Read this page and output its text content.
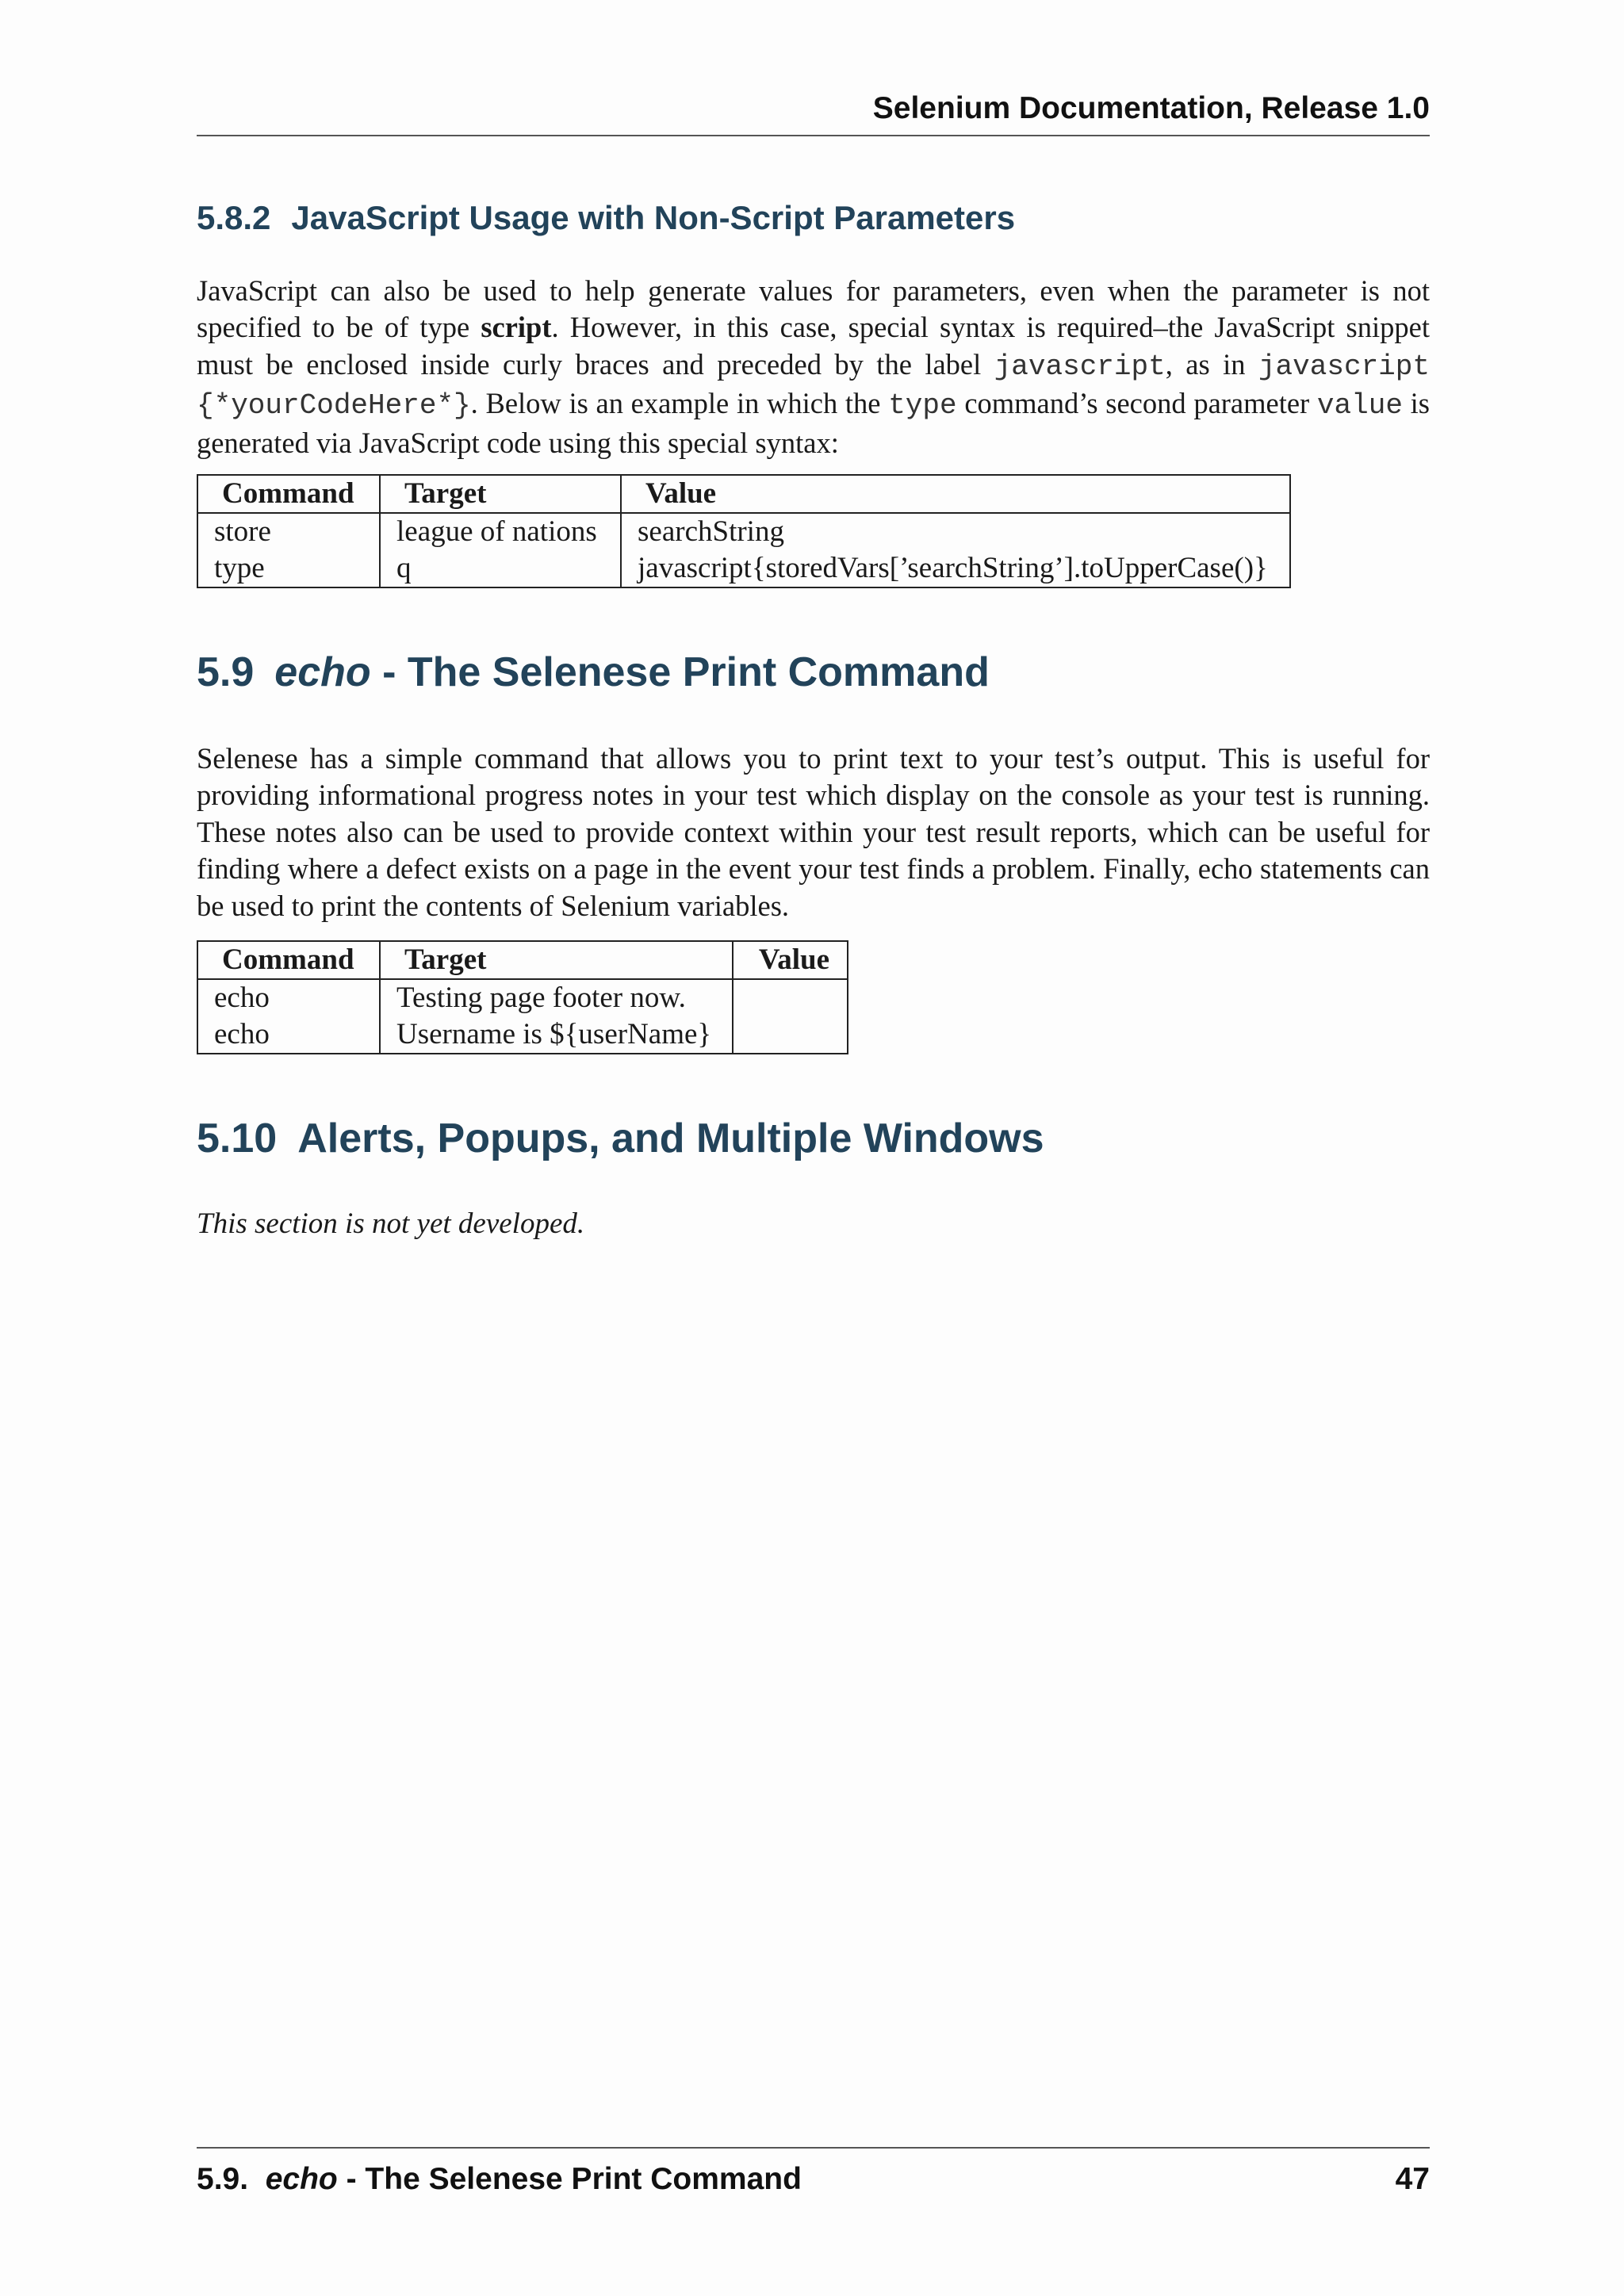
Selenium Documentation, Release 1.0
5.8.2 JavaScript Usage with Non-Script Parameters

JavaScript can also be used to help generate values for parameters, even when the parameter is not specified to be of type script. However, in this case, special syntax is required–the JavaScript snippet must be enclosed inside curly braces and preceded by the label javascript, as in javascript {*yourCodeHere*}. Below is an example in which the type command’s second parameter value is generated via JavaScript code using this special syntax:

Command	Target	Value
store	league of nations	searchString
type	q	javascript{storedVars[’searchString’].toUpperCase()}
5.9 echo - The Selenese Print Command

Selenese has a simple command that allows you to print text to your test’s output. This is useful for providing informational progress notes in your test which display on the console as your test is running. These notes also can be used to provide context within your test result reports, which can be useful for finding where a defect exists on a page in the event your test finds a problem. Finally, echo statements can be used to print the contents of Selenium variables.

Command	Target	Value
echo	Testing page footer now.	
echo	Username is ${userName}	
5.10 Alerts, Popups, and Multiple Windows

This section is not yet developed.

5.9. echo - The Selenese Print Command	47
